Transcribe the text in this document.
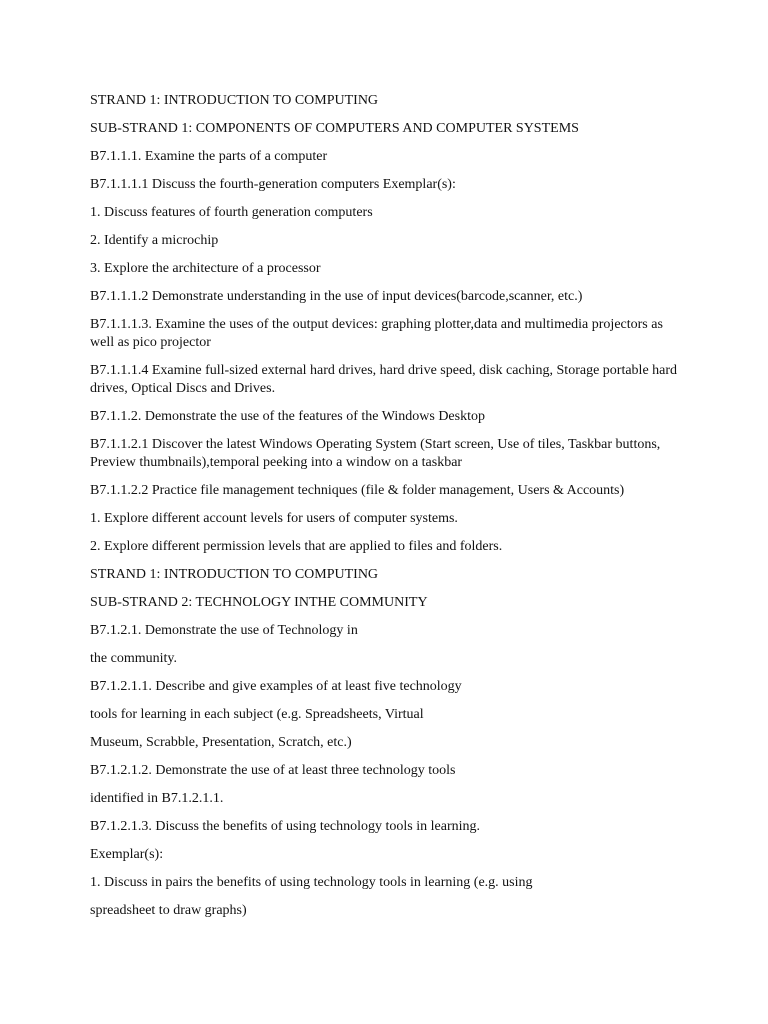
STRAND 1: INTRODUCTION TO COMPUTING

SUB-STRAND 1: COMPONENTS OF COMPUTERS AND COMPUTER SYSTEMS

B7.1.1.1. Examine the parts of a computer

B7.1.1.1.1 Discuss the fourth-generation computers Exemplar(s):

1. Discuss features of fourth generation computers

2. Identify a microchip

3. Explore the architecture of a processor

B7.1.1.1.2 Demonstrate understanding in the use of input devices(barcode,scanner, etc.)

B7.1.1.1.3. Examine the uses of the output devices: graphing plotter,data and multimedia projectors as well as pico projector

B7.1.1.1.4 Examine full-sized external hard drives, hard drive speed, disk caching, Storage portable hard drives, Optical Discs and Drives.

B7.1.1.2. Demonstrate the use of the features of the Windows Desktop

B7.1.1.2.1 Discover the latest Windows Operating System (Start screen, Use of tiles, Taskbar buttons, Preview thumbnails),temporal peeking into a window on a taskbar

B7.1.1.2.2 Practice file management techniques (file & folder management, Users & Accounts)

1. Explore different account levels for users of computer systems.

2. Explore different permission levels that are applied to files and folders.

STRAND 1: INTRODUCTION TO COMPUTING

SUB-STRAND 2: TECHNOLOGY INTHE COMMUNITY

B7.1.2.1. Demonstrate the use of Technology in

the community.

B7.1.2.1.1. Describe and give examples of at least five technology

tools for learning in each subject (e.g. Spreadsheets, Virtual

Museum, Scrabble, Presentation, Scratch, etc.)

B7.1.2.1.2. Demonstrate the use of at least three technology tools

identified in B7.1.2.1.1.

B7.1.2.1.3. Discuss the benefits of using technology tools in learning.

Exemplar(s):

1. Discuss in pairs the benefits of using technology tools in learning (e.g. using

spreadsheet to draw graphs)
